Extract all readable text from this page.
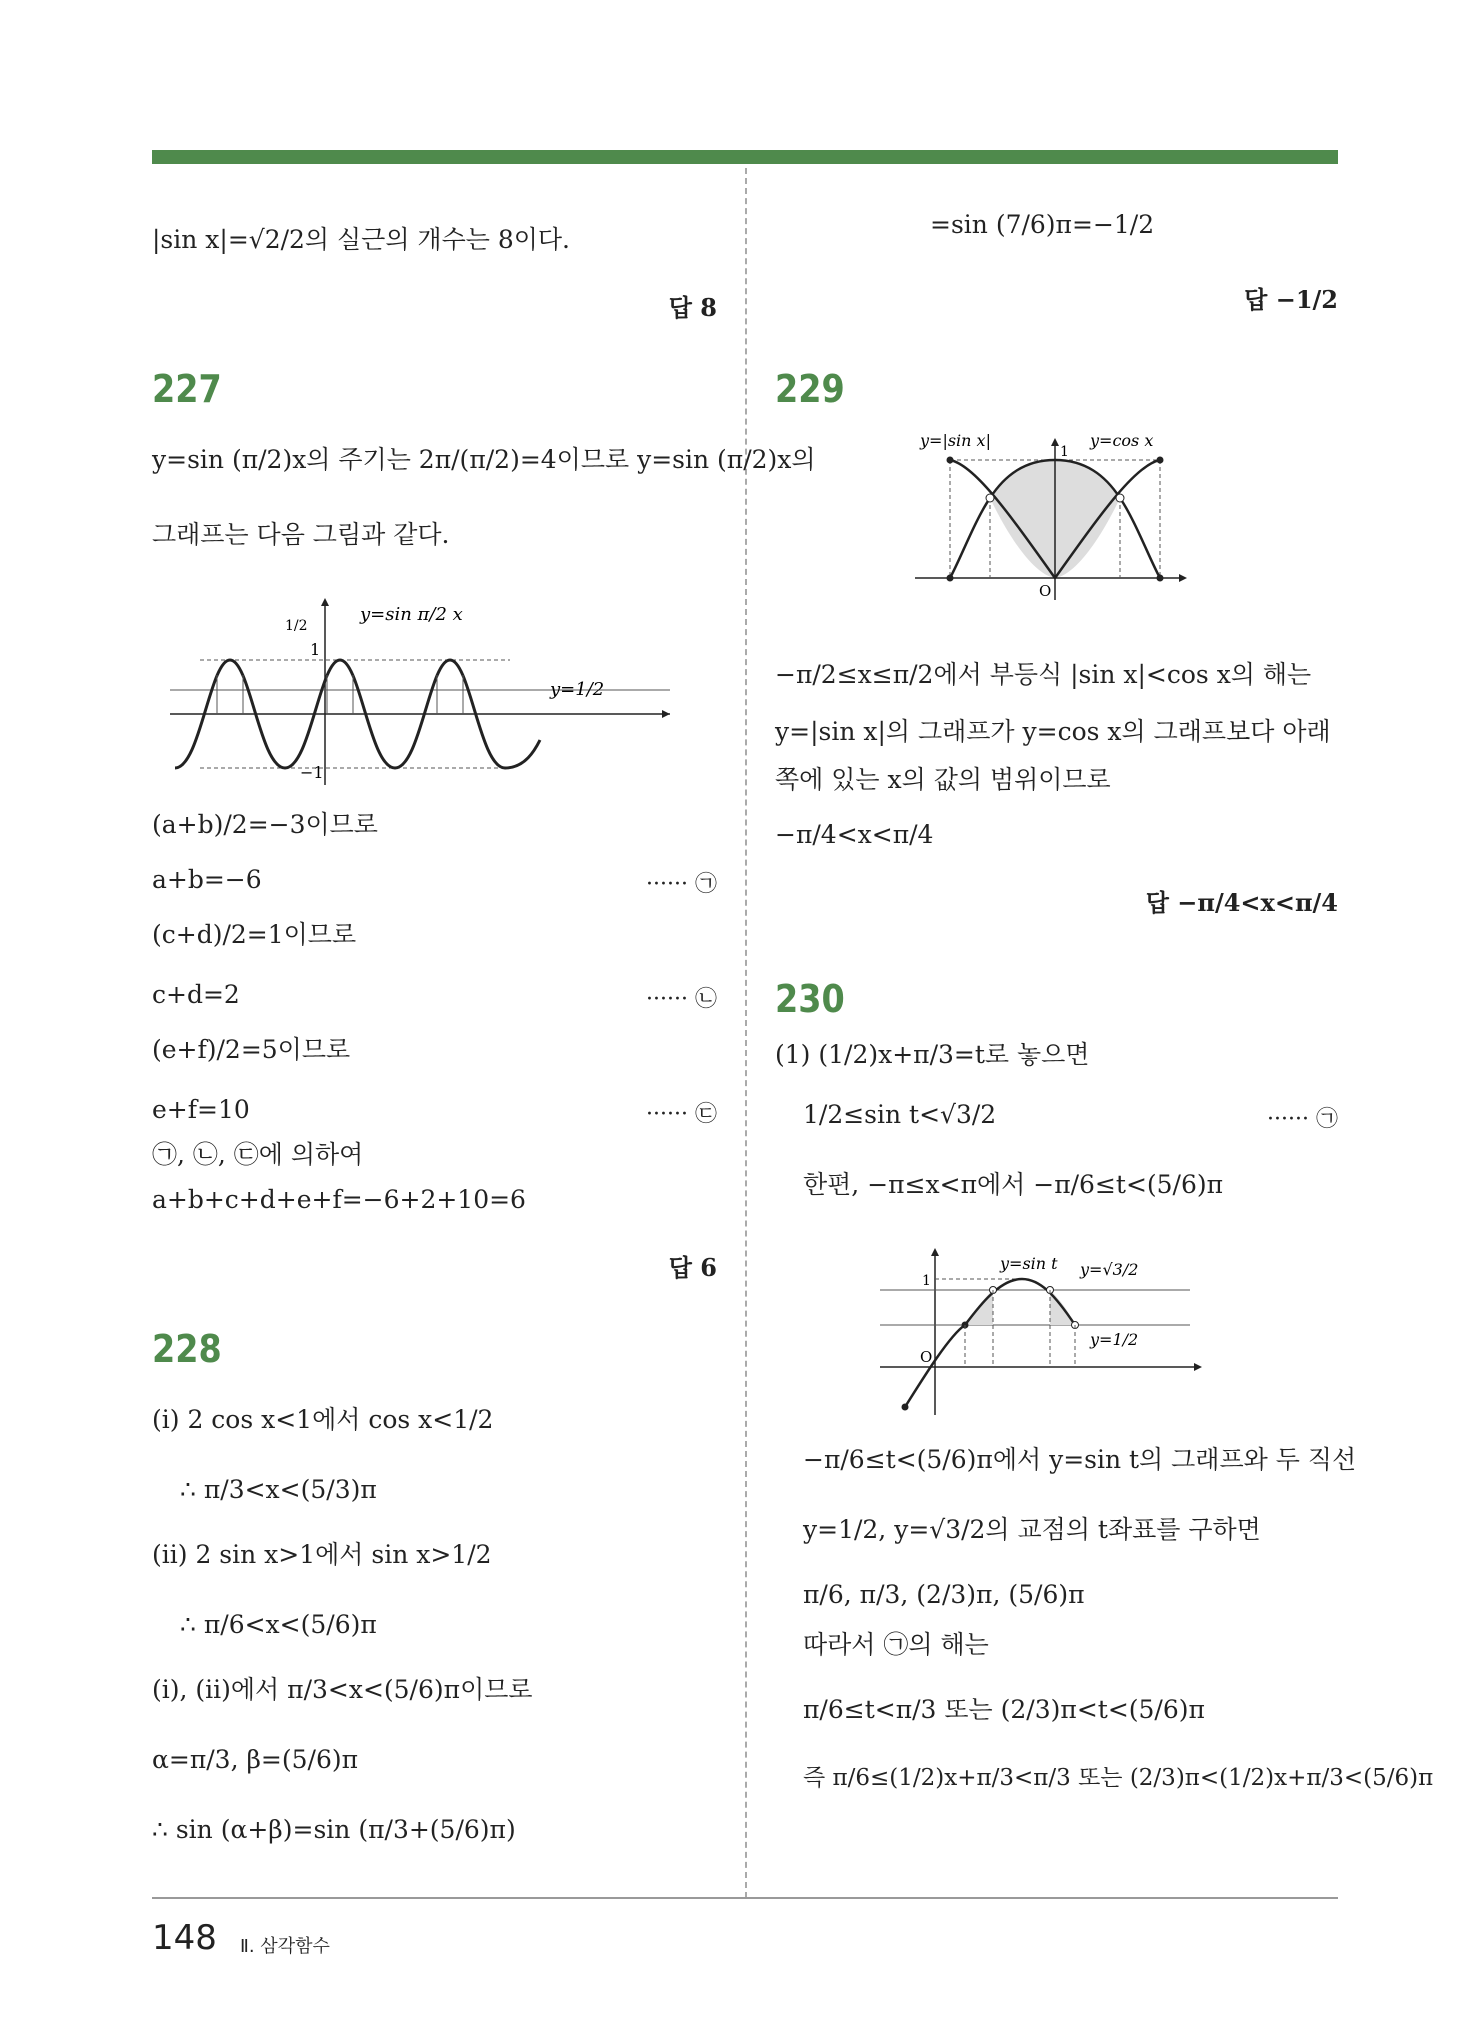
|sin x|=√2/2의 실근의 개수는 8이다.
답 8
227
y=sin (π/2)x의 주기는 2π/(π/2)=4이므로 y=sin (π/2)x의
그래프는 다음 그림과 같다.
y=sin π/2 x
y=1/2
1
−1
1/2
(a+b)/2=−3이므로
a+b=−6	······ ㉠
(c+d)/2=1이므로
c+d=2	······ ㉡
(e+f)/2=5이므로
e+f=10	······ ㉢
㉠, ㉡, ㉢에 의하여
a+b+c+d+e+f=−6+2+10=6
답 6
228
(ⅰ) 2 cos x<1에서 cos x<1/2
∴ π/3<x<(5/3)π
(ⅱ) 2 sin x>1에서 sin x>1/2
∴ π/6<x<(5/6)π
(ⅰ), (ⅱ)에서 π/3<x<(5/6)π이므로
α=π/3, β=(5/6)π
∴ sin (α+β)=sin (π/3+(5/6)π)
=sin (7/6)π=−1/2
답 −1/2
229
y=|sin x|	y=cos x
1
O
−π/2≤x≤π/2에서 부등식 |sin x|<cos x의 해는
y=|sin x|의 그래프가 y=cos x의 그래프보다 아래
쪽에 있는 x의 값의 범위이므로
−π/4<x<π/4
답 −π/4<x<π/4
230
(1) (1/2)x+π/3=t로 놓으면
1/2≤sin t<√3/2	······ ㉠
한편, −π≤x<π에서 −π/6≤t<(5/6)π
y=sin t y=√3/2
y=1/2
1
O
−π/6≤t<(5/6)π에서 y=sin t의 그래프와 두 직선
y=1/2, y=√3/2의 교점의 t좌표를 구하면
π/6, π/3, (2/3)π, (5/6)π
따라서 ㉠의 해는
π/6≤t<π/3 또는 (2/3)π<t<(5/6)π
즉 π/6≤(1/2)x+π/3<π/3 또는 (2/3)π<(1/2)x+π/3<(5/6)π
148 Ⅱ. 삼각함수
